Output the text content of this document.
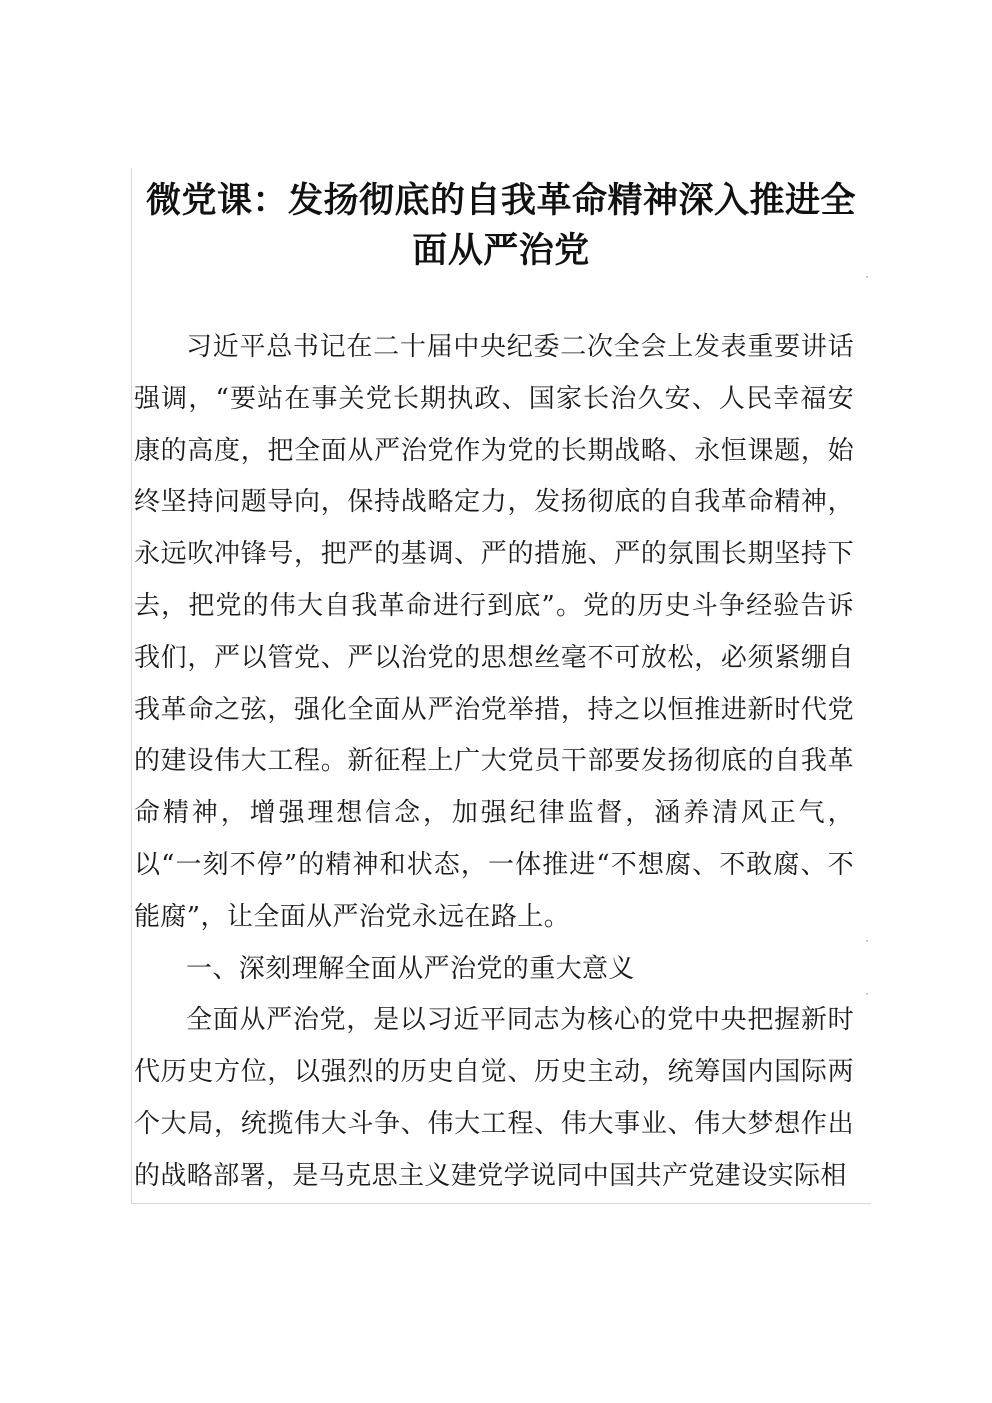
微党课：发扬彻底的自我革命精神深入推进全面从严治党

习近平总书记在二十届中央纪委二次全会上发表重要讲话强调，“要站在事关党长期执政、国家长治久安、人民幸福安康的高度，把全面从严治党作为党的长期战略、永恒课题，始终坚持问题导向，保持战略定力，发扬彻底的自我革命精神，永远吹冲锋号，把严的基调、严的措施、严的氛围长期坚持下去，把党的伟大自我革命进行到底”。党的历史斗争经验告诉我们，严以管党、严以治党的思想丝毫不可放松，必须紧绷自我革命之弦，强化全面从严治党举措，持之以恒推进新时代党的建设伟大工程。新征程上广大党员干部要发扬彻底的自我革命精神，增强理想信念，加强纪律监督，涵养清风正气，以“一刻不停”的精神和状态，一体推进“不想腐、不敢腐、不能腐”，让全面从严治党永远在路上。

一、深刻理解全面从严治党的重大意义

全面从严治党，是以习近平同志为核心的党中央把握新时代历史方位，以强烈的历史自觉、历史主动，统筹国内国际两个大局，统揽伟大斗争、伟大工程、伟大事业、伟大梦想作出的战略部署，是马克思主义建党学说同中国共产党建设实际相
